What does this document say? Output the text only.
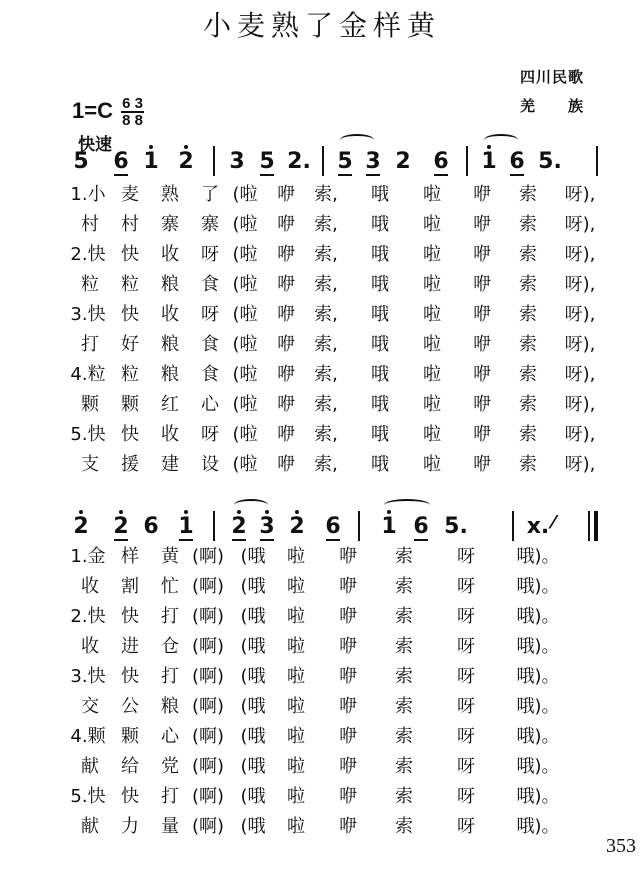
小麦熟了金样黄
四川民歌
羌　　族
$1=C \frac{6 3}{8 8}$
快速
5 6 1 2 3 5 2. 5 3 2 6 1 6 5.
1.小 麦	熟	了 (啦	咿	索,	哦	啦	咿	索	呀),
村	村	寨	寨 (啦	咿	索,	哦	啦	咿	索	呀),
2.快 快	收	呀 (啦	咿	索,	哦	啦	咿	索	呀),
粒	粒	粮	食 (啦	咿	索,	哦	啦	咿	索	呀),
3.快 快	收	呀 (啦	咿	索,	哦	啦	咿	索	呀),
打	好	粮	食 (啦	咿	索,	哦	啦	咿	索	呀),
4.粒 粒	粮	食 (啦	咿	索,	哦	啦	咿	索	呀),
颗	颗	红	心 (啦	咿	索,	哦	啦	咿	索	呀),
5.快 快	收	呀 (啦	咿	索,	哦	啦	咿	索	呀),
支	援	建	设 (啦	咿	索,	哦	啦	咿	索	呀),
2 2 6 1 2 3 2 6 1 6 5.	x. ⁄
1.金 样	黄 (啊) (哦	啦	咿	索	呀	哦)。
收	割	忙 (啊) (哦	啦	咿	索	呀	哦)。
2.快 快	打 (啊) (哦	啦	咿	索	呀	哦)。
收	进	仓 (啊) (哦	啦	咿	索	呀	哦)。
3.快 快	打 (啊) (哦	啦	咿	索	呀	哦)。
交	公	粮 (啊) (哦	啦	咿	索	呀	哦)。
4.颗 颗	心 (啊) (哦	啦	咿	索	呀	哦)。
献	给	党 (啊) (哦	啦	咿	索	呀	哦)。
5.快 快	打 (啊) (哦	啦	咿	索	呀	哦)。
献	力	量 (啊) (哦	啦	咿	索	呀	哦)。
353
